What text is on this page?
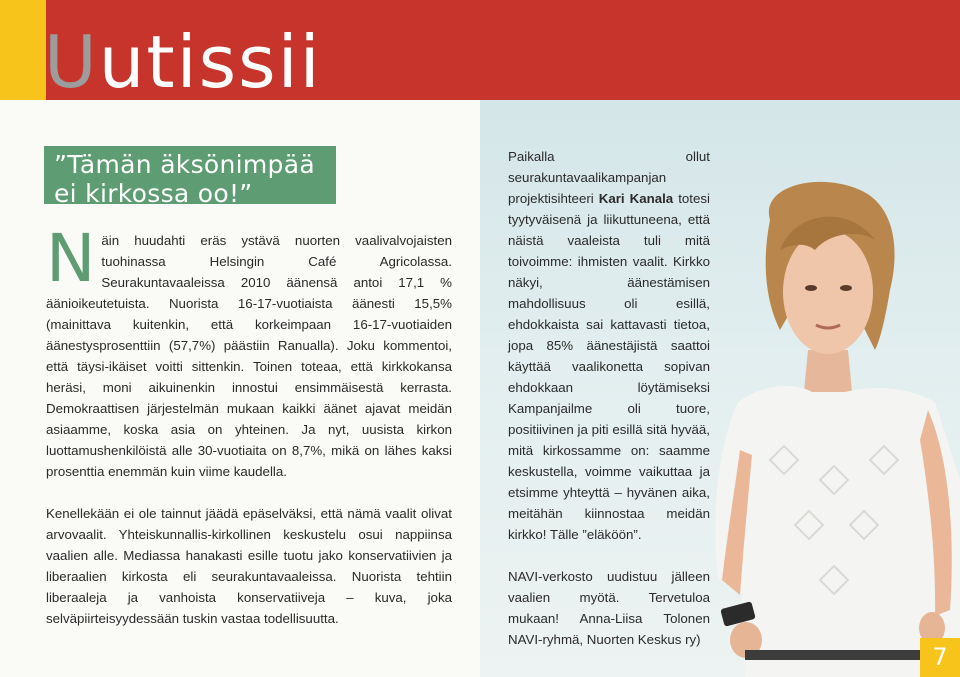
Uutissii

”Tämän äksönimpää ei kirkossa oo!”

Näin huudahti eräs ystävä nuorten vaalivalvojaisten tuohinassa Helsingin Café Agricolassa. Seurakuntavaaleissa 2010 äänensä antoi 17,1 % äänioikeutetuista. Nuorista 16-17-vuotiaista äänesti 15,5% (mainittava kuitenkin, että korkeimpaan 16-17-vuotiaiden äänestysprosenttiin (57,7%) päästiin Ranualla). Joku kommentoi, että täysi-ikäiset voitti sittenkin. Toinen toteaa, että kirkkokansa heräsi, moni aikuinenkin innostui ensimmäisestä kerrasta. Demokraattisen järjestelmän mukaan kaikki äänet ajavat meidän asiaamme, koska asia on yhteinen. Ja nyt, uusista kirkon luottamushenkilöistä alle 30-vuotiaita on 8,7%, mikä on lähes kaksi prosenttia enemmän kuin viime kaudella.

Kenellekään ei ole tainnut jäädä epäselväksi, että nämä vaalit olivat arvovaalit. Yhteiskunnallis-kirkollinen keskustelu osui nappiinsa vaalien alle. Mediassa hanakasti esille tuotu jako konservatiivien ja liberaalien kirkosta eli seurakuntavaaleissa. Nuorista tehtiin liberaaleja ja vanhoista konservatiiveja – kuva, joka selväpiirteisyydessään tuskin vastaa todellisuutta.

Paikalla ollut seurakuntavaalikampanjan projektisihteeri Kari Kanala totesi tyytyväisenä ja liikuttuneena, että näistä vaaleista tuli mitä toivoimme: ihmisten vaalit. Kirkko näkyi, äänestämisen mahdollisuus oli esillä, ehdokkaista sai kattavasti tietoa, jopa 85% äänestäjistä saattoi käyttää vaalikonetta sopivan ehdokkaan löytämiseksi Kampanjailme oli tuore, positiivinen ja piti esillä sitä hyvää, mitä kirkossamme on: saamme keskustella, voimme vaikuttaa ja etsimme yhteyttä – hyvänen aika, meitähän kiinnostaa meidän kirkko! Tälle ”eläköön”.

NAVI-verkosto uudistuu jälleen vaalien myötä. Tervetuloa mukaan! Anna-Liisa Tolonen NAVI-ryhmä, Nuorten Keskus ry)

7
